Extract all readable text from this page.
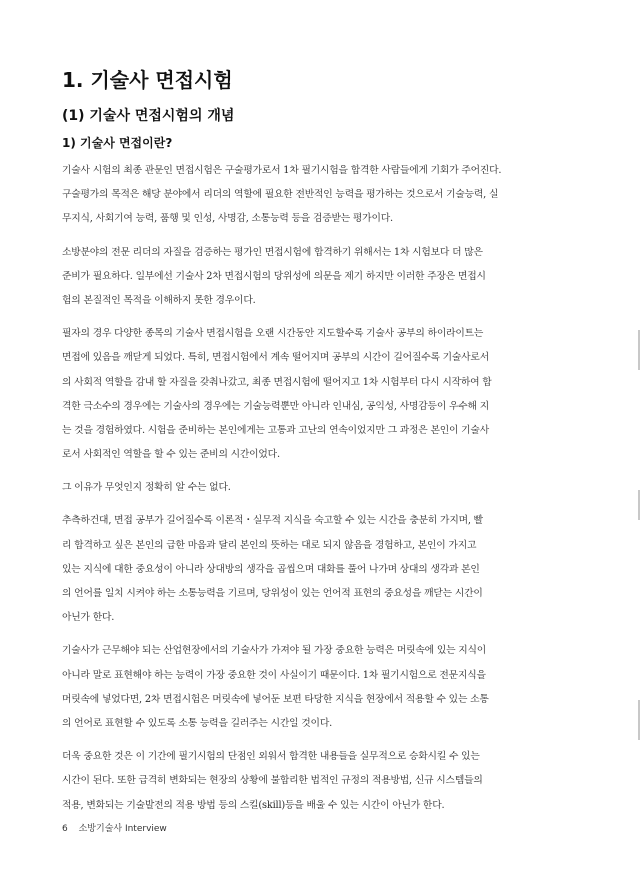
1. 기술사 면접시험
(1) 기술사 면접시험의 개념
1) 기술사 면접이란?
기술사 시험의 최종 관문인 면접시험은 구술평가로서 1차 필기시험을 합격한 사람들에게 기회가 주어진다.
구술평가의 목적은 해당 분야에서 리더의 역할에 필요한 전반적인 능력을 평가하는 것으로서 기술능력, 실
무지식, 사회기여 능력, 품행 및 인성, 사명감, 소통능력 등을 검증받는 평가이다.
소방분야의 전문 리더의 자질을 검증하는 평가인 면접시험에 합격하기 위해서는 1차 시험보다 더 많은
준비가 필요하다. 일부에선 기술사 2차 면접시험의 당위성에 의문을 제기 하지만 이러한 주장은 면접시
험의 본질적인 목적을 이해하지 못한 경우이다.
필자의 경우 다양한 종목의 기술사 면접시험을 오랜 시간동안 지도할수록 기술사 공부의 하이라이트는
면접에 있음을 깨닫게 되었다. 특히, 면접시험에서 계속 떨어지며 공부의 시간이 길어질수록 기술사로서
의 사회적 역할을 감내 할 자질을 갖춰나갔고, 최종 면접시험에 떨어지고 1차 시험부터 다시 시작하여 합
격한 극소수의 경우에는 기술사의 경우에는 기술능력뿐만 아니라 인내심, 공익성, 사명감등이 우수해 지
는 것을 경험하였다. 시험을 준비하는 본인에게는 고통과 고난의 연속이었지만 그 과정은 본인이 기술사
로서 사회적인 역할을 할 수 있는 준비의 시간이었다.
그 이유가 무엇인지 정확히 알 수는 없다.
추측하건대, 면접 공부가 길어질수록 이론적・실무적 지식을 숙고할 수 있는 시간을 충분히 가지며, 빨
리 합격하고 싶은 본인의 급한 마음과 달리 본인의 뜻하는 대로 되지 않음을 경험하고, 본인이 가지고
있는 지식에 대한 중요성이 아니라 상대방의 생각을 곱씹으며 대화를 풀어 나가며 상대의 생각과 본인
의 언어를 일치 시켜야 하는 소통능력을 기르며, 당위성이 있는 언어적 표현의 중요성을 깨닫는 시간이
아닌가 한다.
기술사가 근무해야 되는 산업현장에서의 기술사가 가져야 될 가장 중요한 능력은 머릿속에 있는 지식이
아니라 말로 표현해야 하는 능력이 가장 중요한 것이 사실이기 때문이다. 1차 필기시험으로 전문지식을
머릿속에 넣었다면, 2차 면접시험은 머릿속에 넣어둔 보편 타당한 지식을 현장에서 적용할 수 있는 소통
의 언어로 표현할 수 있도록 소통 능력을 길러주는 시간일 것이다.
더욱 중요한 것은 이 기간에 필기시험의 단점인 외워서 합격한 내용들을 실무적으로 승화시킬 수 있는
시간이 된다. 또한 급격히 변화되는 현장의 상황에 불합리한 법적인 규정의 적용방법, 신규 시스템들의
적용, 변화되는 기술발전의 적용 방법 등의 스킬(skill)등을 배울 수 있는 시간이 아닌가 한다.
6 소방기술사 Interview
